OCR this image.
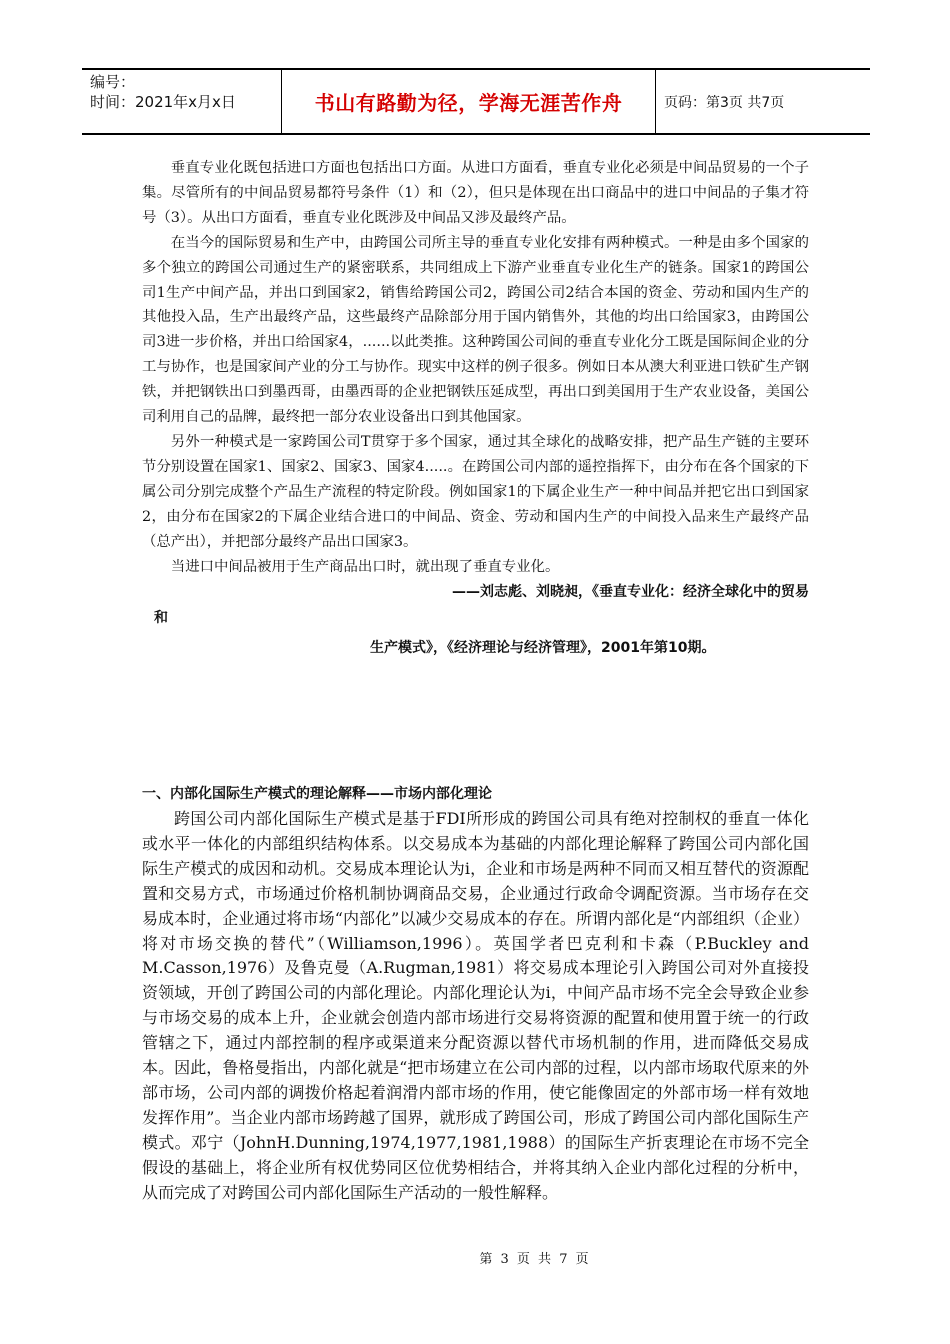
编号：
时间：2021年x月x日	书山有路勤为径，学海无涯苦作舟	页码：第3页 共7页

垂直专业化既包括进口方面也包括出口方面。从进口方面看，垂直专业化必须是中间品贸易的一个子集。尽管所有的中间品贸易都符号条件（1）和（2），但只是体现在出口商品中的进口中间品的子集才符号（3）。从出口方面看，垂直专业化既涉及中间品又涉及最终产品。

在当今的国际贸易和生产中，由跨国公司所主导的垂直专业化安排有两种模式。一种是由多个国家的多个独立的跨国公司通过生产的紧密联系，共同组成上下游产业垂直专业化生产的链条。国家1的跨国公司1生产中间产品，并出口到国家2，销售给跨国公司2，跨国公司2结合本国的资金、劳动和国内生产的其他投入品，生产出最终产品，这些最终产品除部分用于国内销售外，其他的均出口给国家3，由跨国公司3进一步价格，并出口给国家4，......以此类推。这种跨国公司间的垂直专业化分工既是国际间企业的分工与协作，也是国家间产业的分工与协作。现实中这样的例子很多。例如日本从澳大利亚进口铁矿生产钢铁，并把钢铁出口到墨西哥，由墨西哥的企业把钢铁压延成型，再出口到美国用于生产农业设备，美国公司利用自己的品牌，最终把一部分农业设备出口到其他国家。

另外一种模式是一家跨国公司T贯穿于多个国家，通过其全球化的战略安排，把产品生产链的主要环节分别设置在国家1、国家2、国家3、国家4.....。在跨国公司内部的遥控指挥下，由分布在各个国家的下属公司分别完成整个产品生产流程的特定阶段。例如国家1的下属企业生产一种中间品并把它出口到国家2，由分布在国家2的下属企业结合进口的中间品、资金、劳动和国内生产的中间投入品来生产最终产品（总产出），并把部分最终产品出口国家3。

当进口中间品被用于生产商品出口时，就出现了垂直专业化。

——刘志彪、刘晓昶，《垂直专业化：经济全球化中的贸易

和

生产模式》，《经济理论与经济管理》，2001年第10期。

一、内部化国际生产模式的理论解释——市场内部化理论

跨国公司内部化国际生产模式是基于FDI所形成的跨国公司具有绝对控制权的垂直一体化或水平一体化的内部组织结构体系。以交易成本为基础的内部化理论解释了跨国公司内部化国际生产模式的成因和动机。交易成本理论认为i，企业和市场是两种不同而又相互替代的资源配置和交易方式，市场通过价格机制协调商品交易，企业通过行政命令调配资源。当市场存在交易成本时，企业通过将市场“内部化”以减少交易成本的存在。所谓内部化是“内部组织（企业）将对市场交换的替代”（Williamson,1996）。英国学者巴克利和卡森（P.Buckley and M.Casson,1976）及鲁克曼（A.Rugman,1981）将交易成本理论引入跨国公司对外直接投资领域，开创了跨国公司的内部化理论。内部化理论认为i，中间产品市场不完全会导致企业参与市场交易的成本上升，企业就会创造内部市场进行交易将资源的配置和使用置于统一的行政管辖之下，通过内部控制的程序或渠道来分配资源以替代市场机制的作用，进而降低交易成本。因此，鲁格曼指出，内部化就是“把市场建立在公司内部的过程，以内部市场取代原来的外部市场，公司内部的调拨价格起着润滑内部市场的作用，使它能像固定的外部市场一样有效地发挥作用”。当企业内部市场跨越了国界，就形成了跨国公司，形成了跨国公司内部化国际生产模式。邓宁（JohnH.Dunning,1974,1977,1981,1988）的国际生产折衷理论在市场不完全假设的基础上，将企业所有权优势同区位优势相结合，并将其纳入企业内部化过程的分析中，从而完成了对跨国公司内部化国际生产活动的一般性解释。

第 3 页 共 7 页
